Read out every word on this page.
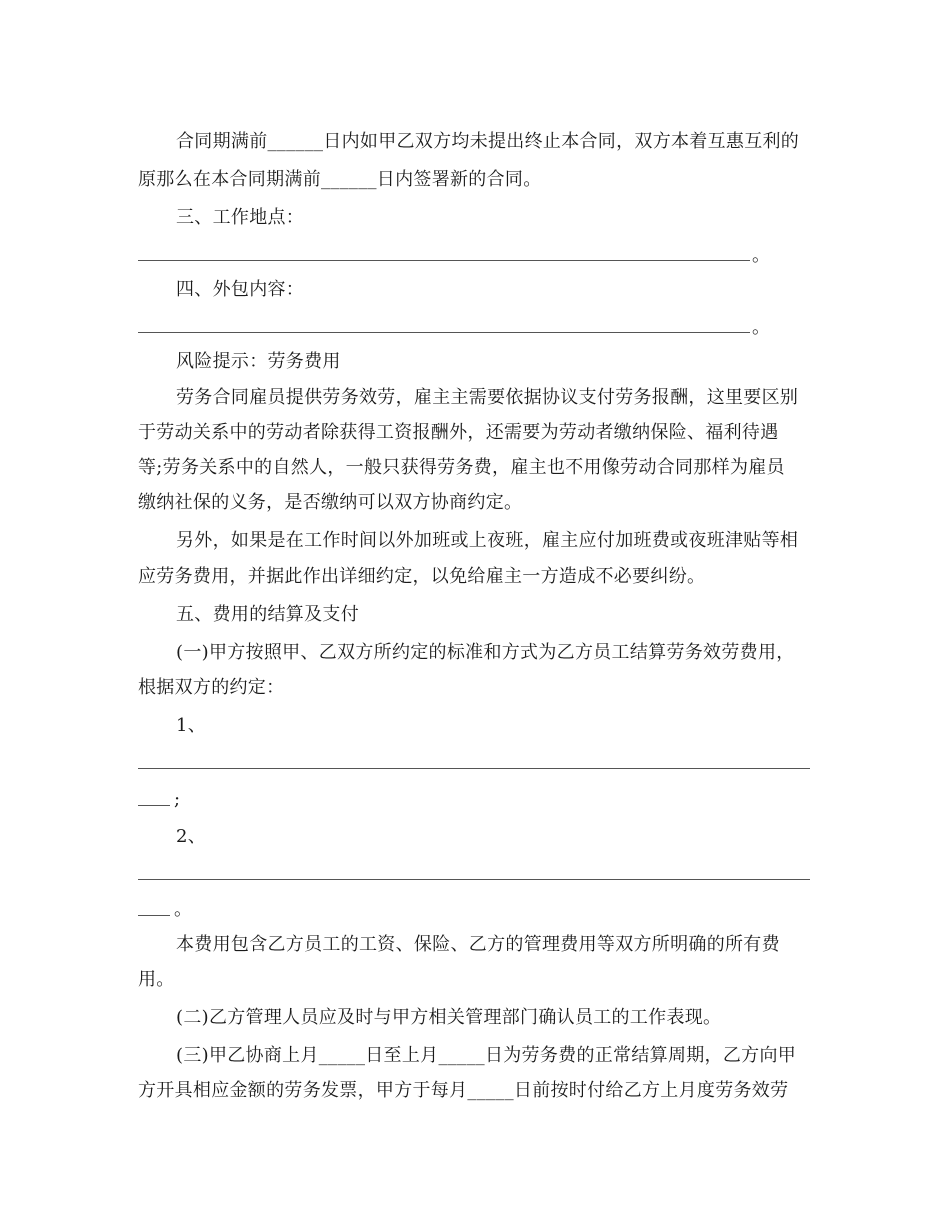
合同期满前______日内如甲乙双方均未提出终止本合同，双方本着互惠互利的
原那么在本合同期满前______日内签署新的合同。
三、工作地点：
。
四、外包内容：
。
风险提示：劳务费用
劳务合同雇员提供劳务效劳，雇主主需要依据协议支付劳务报酬，这里要区别
于劳动关系中的劳动者除获得工资报酬外，还需要为劳动者缴纳保险、福利待遇
等;劳务关系中的自然人，一般只获得劳务费，雇主也不用像劳动合同那样为雇员
缴纳社保的义务，是否缴纳可以双方协商约定。
另外，如果是在工作时间以外加班或上夜班，雇主应付加班费或夜班津贴等相
应劳务费用，并据此作出详细约定，以免给雇主一方造成不必要纠纷。
五、费用的结算及支付
(一)甲方按照甲、乙双方所约定的标准和方式为乙方员工结算劳务效劳费用，
根据双方的约定：
1、
;
2、
。
本费用包含乙方员工的工资、保险、乙方的管理费用等双方所明确的所有费
用。
(二)乙方管理人员应及时与甲方相关管理部门确认员工的工作表现。
(三)甲乙协商上月_____日至上月_____日为劳务费的正常结算周期，乙方向甲
方开具相应金额的劳务发票，甲方于每月_____日前按时付给乙方上月度劳务效劳
